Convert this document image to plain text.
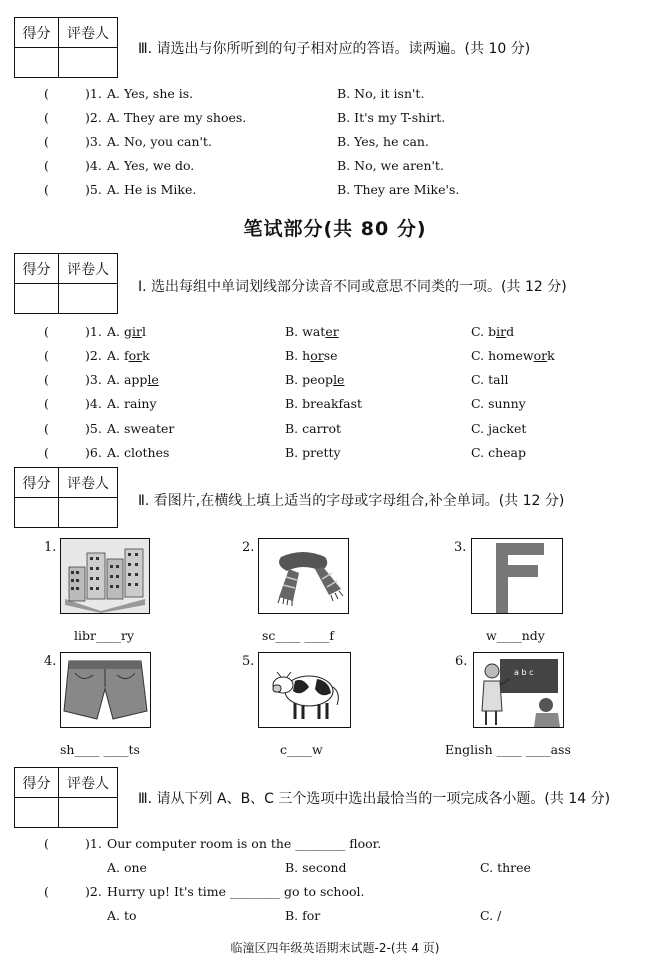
得分	评卷人

Ⅲ. 请选出与你所听到的句子相对应的答语。读两遍。(共 10 分)
(	)1. A. Yes, she is.	B. No, it isn't.
(	)2. A. They are my shoes.	B. It's my T-shirt.
(	)3. A. No, you can't.	B. Yes, he can.
(	)4. A. Yes, we do.	B. No, we aren't.
(	)5. A. He is Mike.	B. They are Mike's.
笔试部分(共 80 分)
得分	评卷人

Ⅰ. 选出每组中单词划线部分读音不同或意思不同类的一项。(共 12 分)
(	)1. A. girl	B. water	C. bird
(	)2. A. fork	B. horse	C. homework
(	)3. A. apple	B. people	C. tall
(	)4. A. rainy	B. breakfast	C. sunny
(	)5. A. sweater	B. carrot	C. jacket
(	)6. A. clothes	B. pretty	C. cheap
得分	评卷人

Ⅱ. 看图片,在横线上填上适当的字母或字母组合,补全单词。(共 12 分)
1.
libr____ry
2.
sc____ ____f
3.
w____ndy
4.
sh____ ____ts
5.
c____w
6.
a b c
English ____ ____ass
得分	评卷人

Ⅲ. 请从下列 A、B、C 三个选项中选出最恰当的一项完成各小题。(共 14 分)
(	)1. Our computer room is on the ________ floor.
A. one	B. second	C. three
(	)2. Hurry up! It's time ________ go to school.
A. to	B. for	C. /
临潼区四年级英语期末试题-2-(共 4 页)
